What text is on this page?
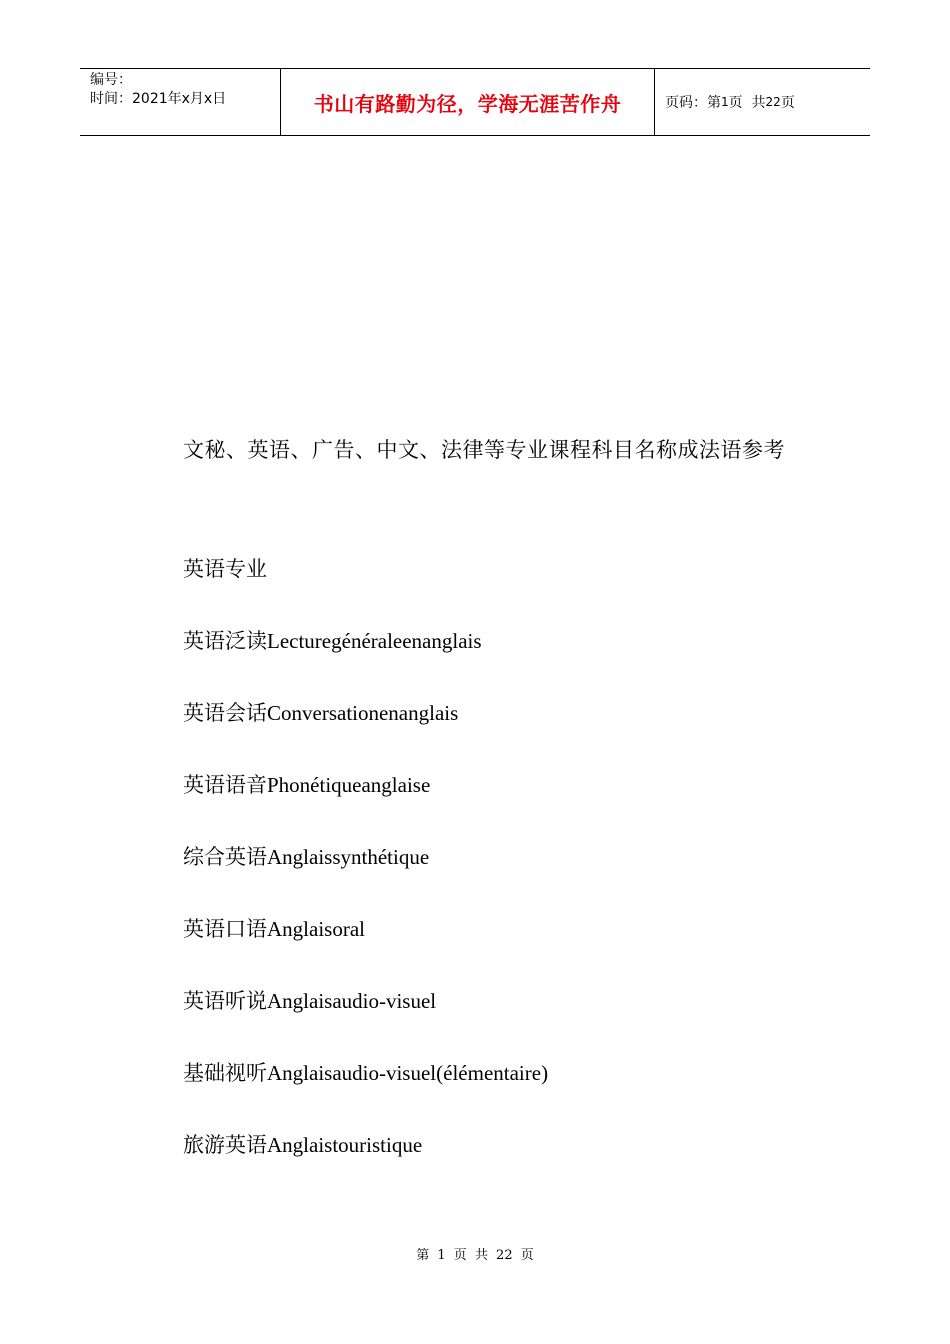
编号：
时间：2021年x月x日	书山有路勤为径，学海无涯苦作舟	页码：第 1 页  共 22 页
文秘、英语、广告、中文、法律等专业课程科目名称成法语参考
英语专业
英语泛读Lecturegénéraleenanglais
英语会话Conversationenanglais
英语语音Phonétiqueanglaise
综合英语Anglaissynthétique
英语口语Anglaisoral
英语听说Anglaisaudio-visuel
基础视听Anglaisaudio-visuel(élémentaire)
旅游英语Anglaistouristique
第 1 页 共 22 页
